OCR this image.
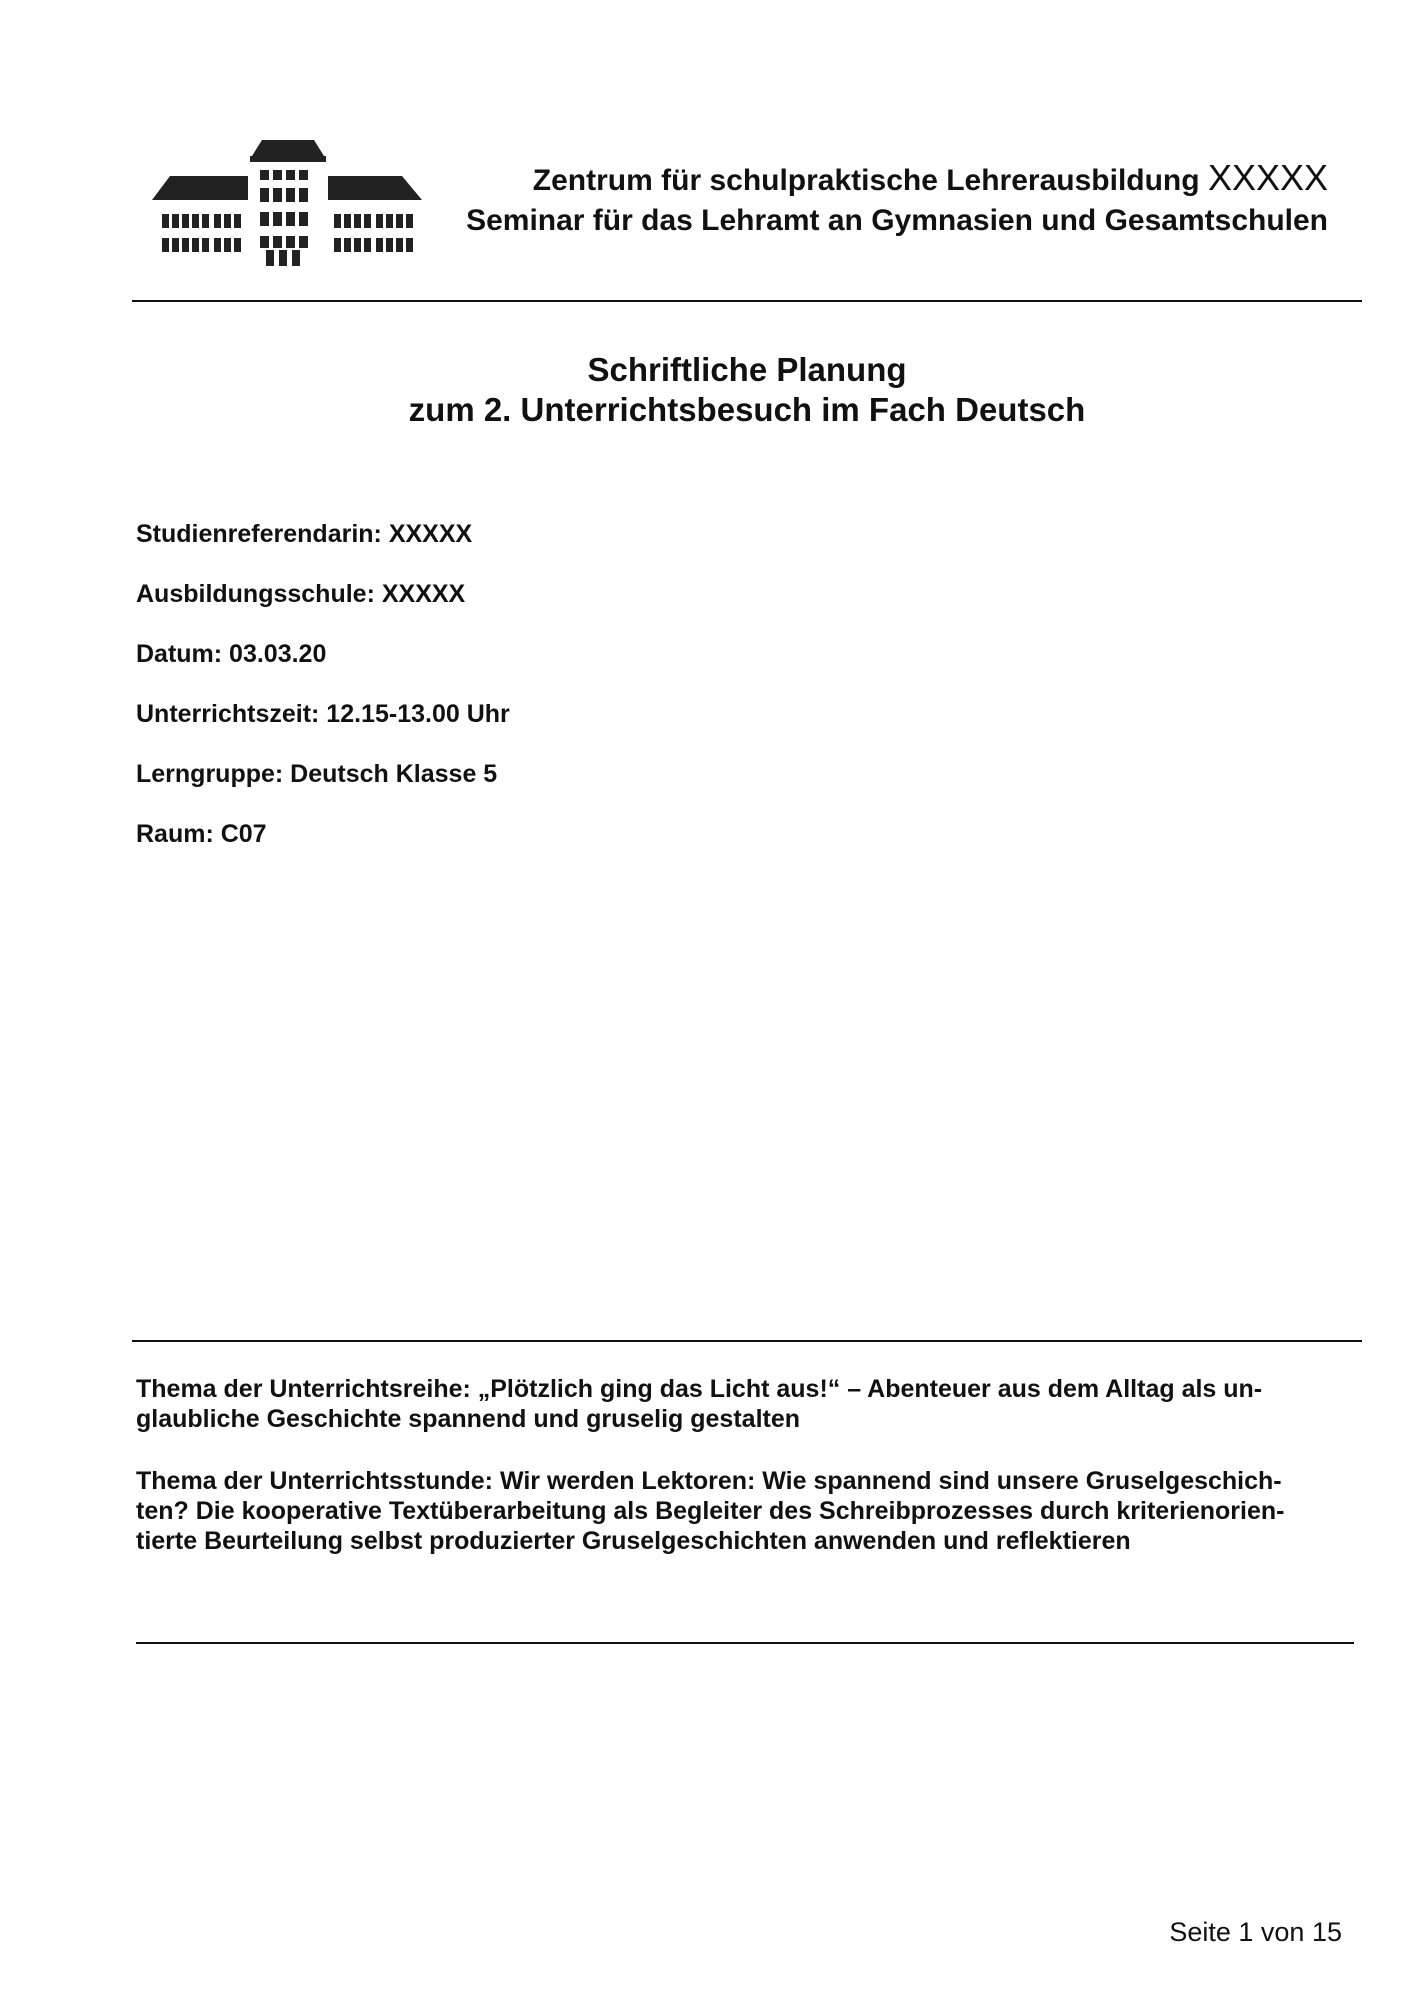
Zentrum für schulpraktische Lehrerausbildung XXXXX
Seminar für das Lehramt an Gymnasien und Gesamtschulen
Schriftliche Planung
zum 2. Unterrichtsbesuch im Fach Deutsch
Studienreferendarin: XXXXX
Ausbildungsschule: XXXXX
Datum: 03.03.20
Unterrichtszeit: 12.15-13.00 Uhr
Lerngruppe: Deutsch Klasse 5
Raum: C07
Thema der Unterrichtsreihe: „Plötzlich ging das Licht aus!“ – Abenteuer aus dem Alltag als un-
glaubliche Geschichte spannend und gruselig gestalten
Thema der Unterrichtsstunde: Wir werden Lektoren: Wie spannend sind unsere Gruselgeschich-
ten? Die kooperative Textüberarbeitung als Begleiter des Schreibprozesses durch kriterienorien-
tierte Beurteilung selbst produzierter Gruselgeschichten anwenden und reflektieren
Seite 1 von 15
